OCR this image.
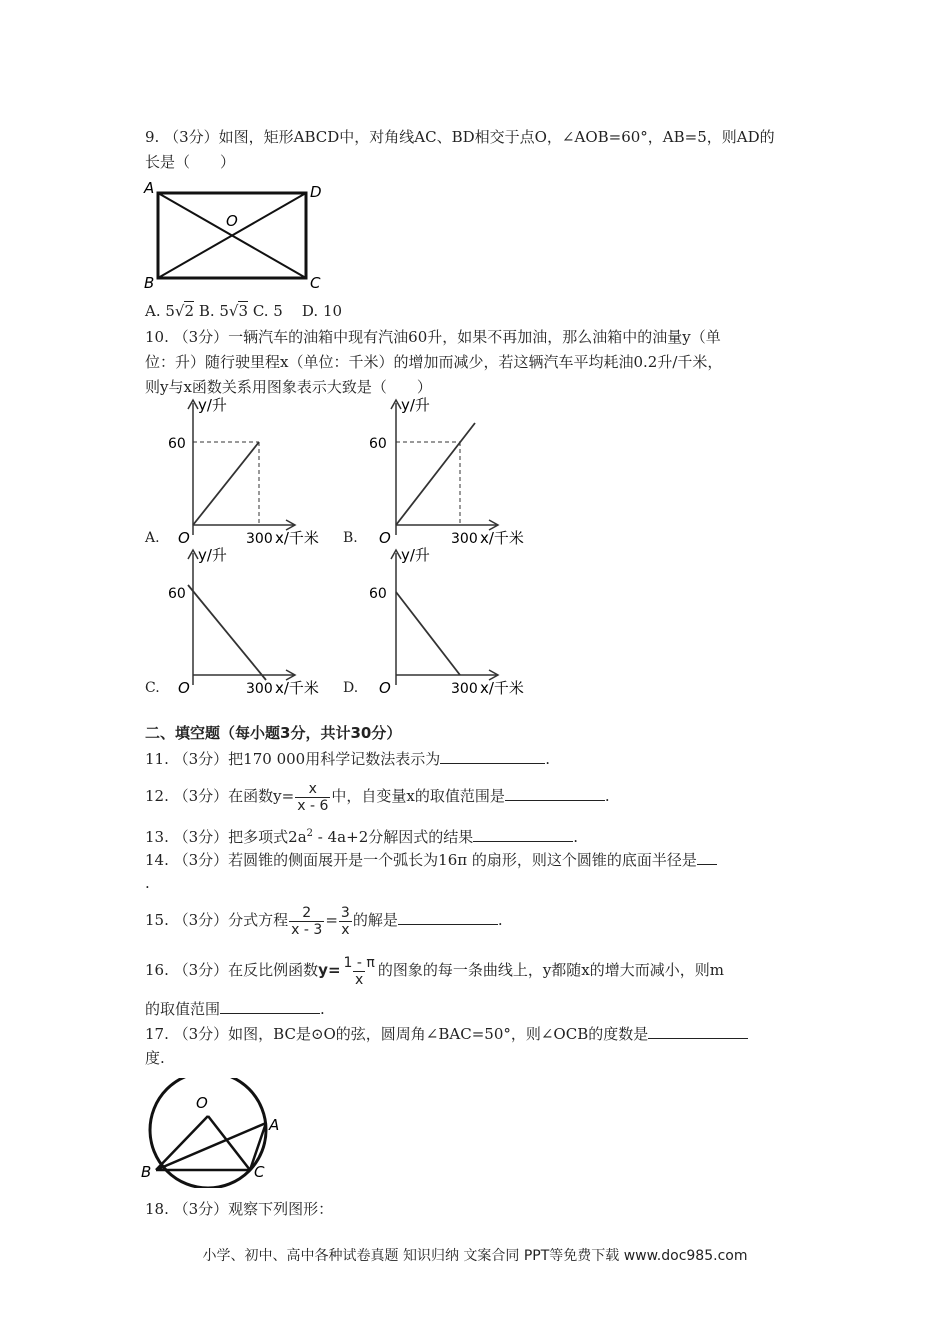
9. （3分）如图，矩形ABCD中，对角线AC、BD相交于点O，∠AOB=60°，AB=5，则AD的
长是（　　）
A	D
O
B	C
A. 5√2 B. 5√3 C. 5 D. 10
10. （3分）一辆汽车的油箱中现有汽油60升，如果不再加油，那么油箱中的油量y（单
位：升）随行驶里程x（单位：千米）的增加而减少，若这辆汽车平均耗油0.2升/千米，
则y与x函数关系用图象表示大致是（　　）
y/升
60
O	300 x/千米
A.
y/升
60
O	300 x/千米
B.
y/升
60
O	300 x/千米
C.
y/升
60
O	300 x/千米
D.
二、填空题（每小题3分，共计30分）
11. （3分）把170 000用科学记数法表示为	.
12. （3分）在函数$y= \frac{x}{x - 6}$ 中，自变量x的取值范围是	.
13. （3分）把多项式$2a^2 - 4a+2$分解因式的结果	.
14. （3分）若圆锥的侧面展开是一个弧长为16π 的扇形，则这个圆锥的底面半径是
.
15. （3分）分式方程 $\frac{2}{x - 3} = \frac{3}{x}$ 的解是	.
16. （3分）在反比例函数$y= \frac{1 - \pi}{x}$ 的图象的每一条曲线上，y都随x的增大而减小，则m
的取值范围	.
17. （3分）如图，BC是⊙O的弦，圆周角∠BAC=50°，则∠OCB的度数是
度.
O
A
B	C
18. （3分）观察下列图形：
小学、初中、高中各种试卷真题 知识归纳 文案合同 PPT等免费下载 www.doc985.com
